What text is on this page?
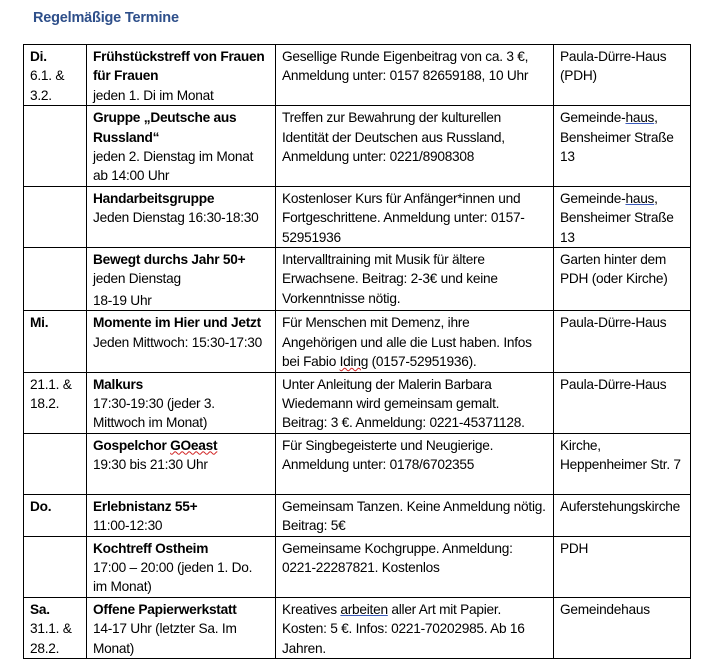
Regelmäßige Termine
Di.
6.1. &
3.2.	Frühstückstreff von Frauen für Frauen
jeden 1. Di im Monat	Gesellige Runde Eigenbeitrag von ca. 3 €, Anmeldung unter: 0157 82659188, 10 Uhr	Paula-Dürre-Haus (PDH)

	Gruppe „Deutsche aus Russland“
jeden 2. Dienstag im Monat ab 14:00 Uhr	Treffen zur Bewahrung der kulturellen Identität der Deutschen aus Russland, Anmeldung unter: 0221/8908308	Gemeinde-haus, Bensheimer Straße 13

	Handarbeitsgruppe
Jeden Dienstag 16:30-18:30	Kostenloser Kurs für Anfänger*innen und Fortgeschrittene. Anmeldung unter: 0157-52951936	Gemeinde-haus, Bensheimer Straße 13

	Bewegt durchs Jahr 50+
jeden Dienstag
18-19 Uhr	Intervalltraining mit Musik für ältere Erwachsene. Beitrag: 2-3€ und keine Vorkenntnisse nötig.	Garten hinter dem PDH (oder Kirche)

Mi.	Momente im Hier und Jetzt
Jeden Mittwoch: 15:30-17:30	Für Menschen mit Demenz, ihre Angehörigen und alle die Lust haben. Infos bei Fabio Iding (0157-52951936).	Paula-Dürre-Haus

21.1. &
18.2.	Malkurs
17:30-19:30 (jeder 3. Mittwoch im Monat)	Unter Anleitung der Malerin Barbara Wiedemann wird gemeinsam gemalt. Beitrag: 3 €. Anmeldung: 0221-45371128.	Paula-Dürre-Haus

	Gospelchor GOeast
19:30 bis 21:30 Uhr	Für Singbegeisterte und Neugierige. Anmeldung unter: 0178/6702355	Kirche, Heppenheimer Str. 7

Do.	Erlebnistanz 55+
11:00-12:30	Gemeinsam Tanzen. Keine Anmeldung nötig. Beitrag: 5€	Auferstehungskirche

	Kochtreff Ostheim
17:00 – 20:00 (jeden 1. Do. im Monat)	Gemeinsame Kochgruppe. Anmeldung: 0221-22287821. Kostenlos	PDH

Sa.
31.1. &
28.2.	Offene Papierwerkstatt
14-17 Uhr (letzter Sa. Im Monat)	Kreatives arbeiten aller Art mit Papier. Kosten: 5 €. Infos: 0221-70202985. Ab 16 Jahren.	Gemeindehaus
